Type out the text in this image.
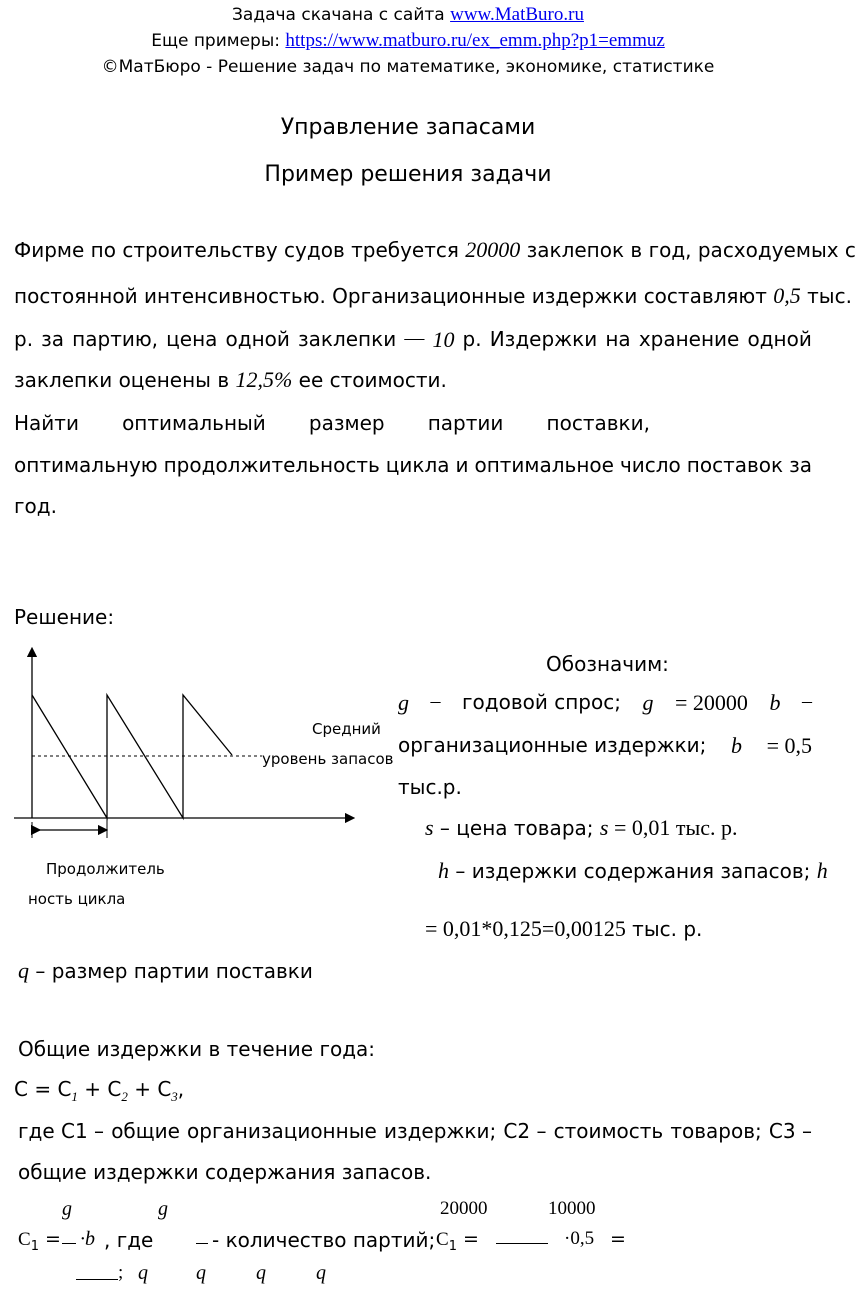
Задача скачана с сайта www.MatBuro.ru
Еще примеры: https://www.matburo.ru/ex_emm.php?p1=emmuz
©МатБюро - Решение задач по математике, экономике, статистике
Управление запасами
Пример решения задачи
Фирме по строительству судов требуется 20000 заклепок в год, расходуемых с
постоянной интенсивностью. Организационные издержки составляют 0,5 тыс.
р. за партию, цена одной заклепки — 10 р. Издержки на хранение одной
заклепки оценены в 12,5% ее стоимости.
Найти оптимальный размер партии поставки,
оптимальную продолжительность цикла и оптимальное число поставок за
год.
Решение:
Средний
уровень запасов
Продолжитель
ность цикла
Обозначим:
g – годовой спрос; g = 20000 b –
организационные издержки; b = 0,5
тыс.р.
s – цена товара; s = 0,01 тыс. р.
h – издержки содержания запасов; h
= 0,01*0,125=0,00125 тыс. р.
q – размер партии поставки
Общие издержки в течение года:
$С = С_1 + С_2 + С_3$,
где С1 – общие организационные издержки; С2 – стоимость товаров; С3 –
общие издержки содержания запасов.
g	g	20000	10000
$C_1 = \cdot b$ , где	- количество партий; $C_1$ =	·0,5 =
; q q	q	q
